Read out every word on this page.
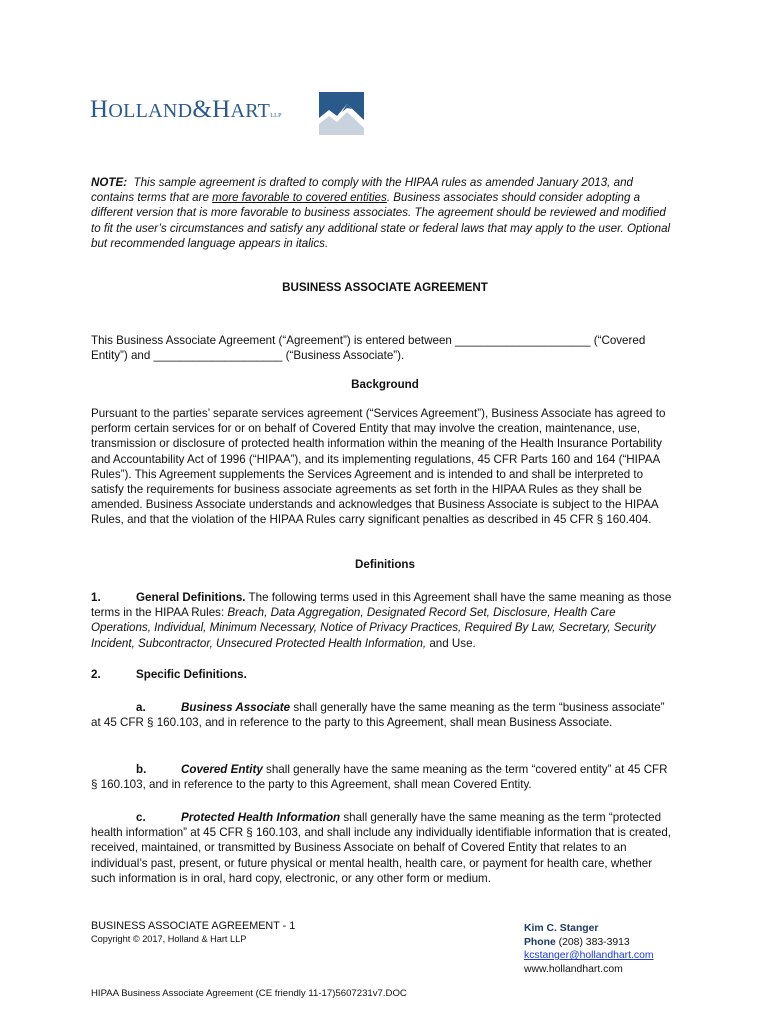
HOLLAND&HARTLLP

NOTE: This sample agreement is drafted to comply with the HIPAA rules as amended January 2013, and contains terms that are more favorable to covered entities. Business associates should consider adopting a different version that is more favorable to business associates. The agreement should be reviewed and modified to fit the user’s circumstances and satisfy any additional state or federal laws that may apply to the user. Optional but recommended language appears in italics.

BUSINESS ASSOCIATE AGREEMENT

This Business Associate Agreement (“Agreement”) is entered between _____________________ (“Covered Entity”) and ____________________ (“Business Associate”).

Background

Pursuant to the parties’ separate services agreement (“Services Agreement”), Business Associate has agreed to perform certain services for or on behalf of Covered Entity that may involve the creation, maintenance, use, transmission or disclosure of protected health information within the meaning of the Health Insurance Portability and Accountability Act of 1996 (“HIPAA”), and its implementing regulations, 45 CFR Parts 160 and 164 (“HIPAA Rules”). This Agreement supplements the Services Agreement and is intended to and shall be interpreted to satisfy the requirements for business associate agreements as set forth in the HIPAA Rules as they shall be amended. Business Associate understands and acknowledges that Business Associate is subject to the HIPAA Rules, and that the violation of the HIPAA Rules carry significant penalties as described in 45 CFR § 160.404.

Definitions

1.	General Definitions. The following terms used in this Agreement shall have the same meaning as those terms in the HIPAA Rules: Breach, Data Aggregation, Designated Record Set, Disclosure, Health Care Operations, Individual, Minimum Necessary, Notice of Privacy Practices, Required By Law, Secretary, Security Incident, Subcontractor, Unsecured Protected Health Information, and Use.

2.	Specific Definitions.

a.	Business Associate shall generally have the same meaning as the term “business associate” at 45 CFR § 160.103, and in reference to the party to this Agreement, shall mean Business Associate.

b.	Covered Entity shall generally have the same meaning as the term “covered entity” at 45 CFR § 160.103, and in reference to the party to this Agreement, shall mean Covered Entity.

c.	Protected Health Information shall generally have the same meaning as the term “protected health information” at 45 CFR § 160.103, and shall include any individually identifiable information that is created, received, maintained, or transmitted by Business Associate on behalf of Covered Entity that relates to an individual’s past, present, or future physical or mental health, health care, or payment for health care, whether such information is in oral, hard copy, electronic, or any other form or medium.

BUSINESS ASSOCIATE AGREEMENT - 1
Copyright © 2017, Holland & Hart LLP
Kim C. Stanger
Phone (208) 383-3913
kcstanger@hollandhart.com
www.hollandhart.com
HIPAA Business Associate Agreement (CE friendly 11-17)5607231v7.DOC
